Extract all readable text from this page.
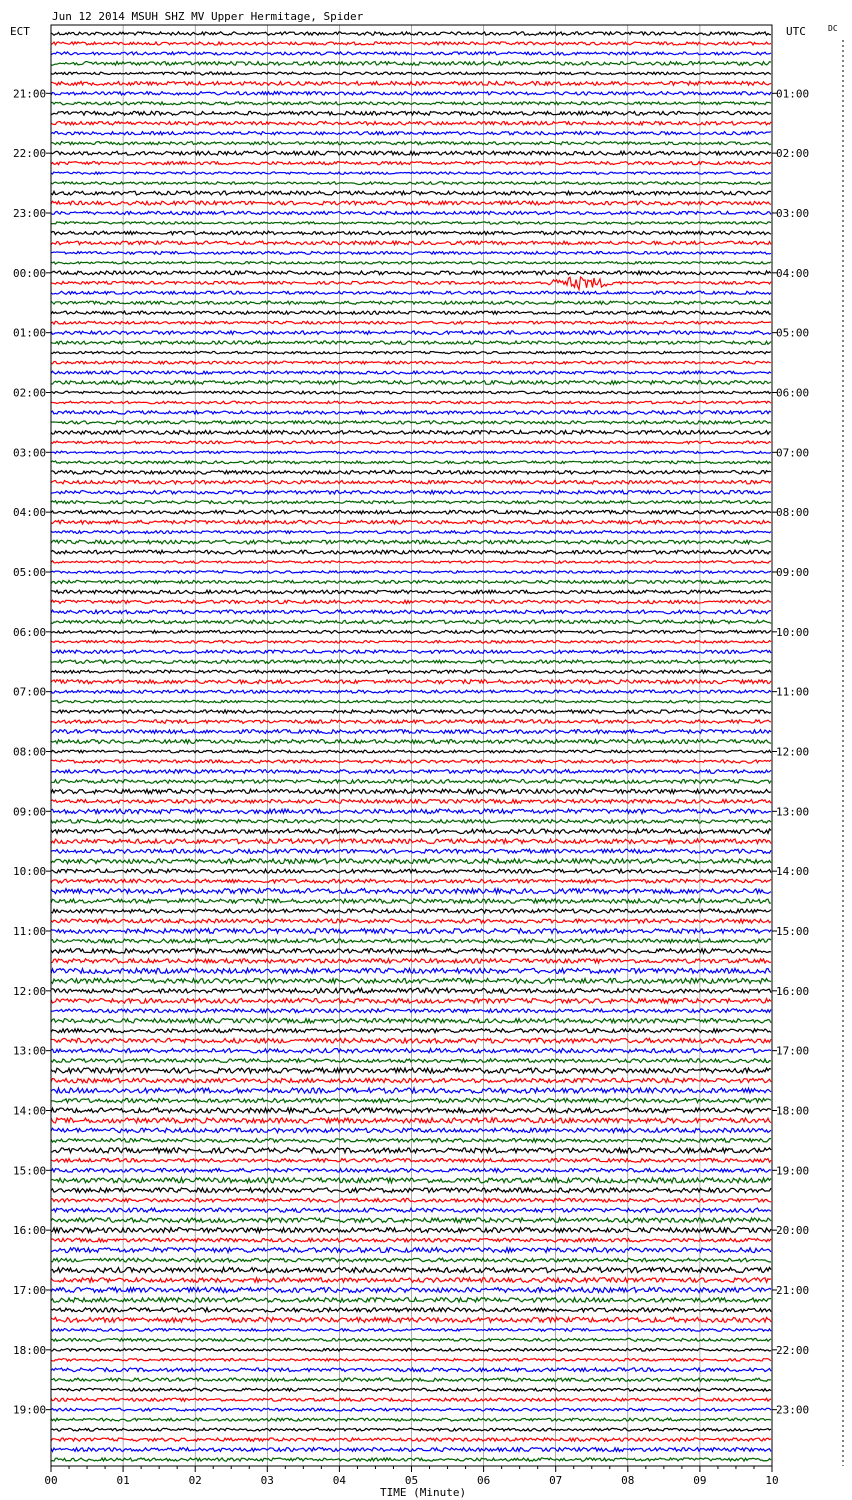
Jun 12 2014 MSUH SHZ MV Upper Hermitage, Spider
ECT	UTC	DC
TIME (Minute)
21:00
22:00
23:00
00:00
01:00
02:00
03:00
04:00
05:00
06:00
07:00
08:00
09:00
10:00
11:00
12:00
13:00
14:00
15:00
16:00
17:00
18:00
19:00
01:00
02:00
03:00
04:00
05:00
06:00
07:00
08:00
09:00
10:00
11:00
12:00
13:00
14:00
15:00
16:00
17:00
18:00
19:00
20:00
21:00
22:00
23:00
00	01	02	03	04	05	06	07	08	09	10
